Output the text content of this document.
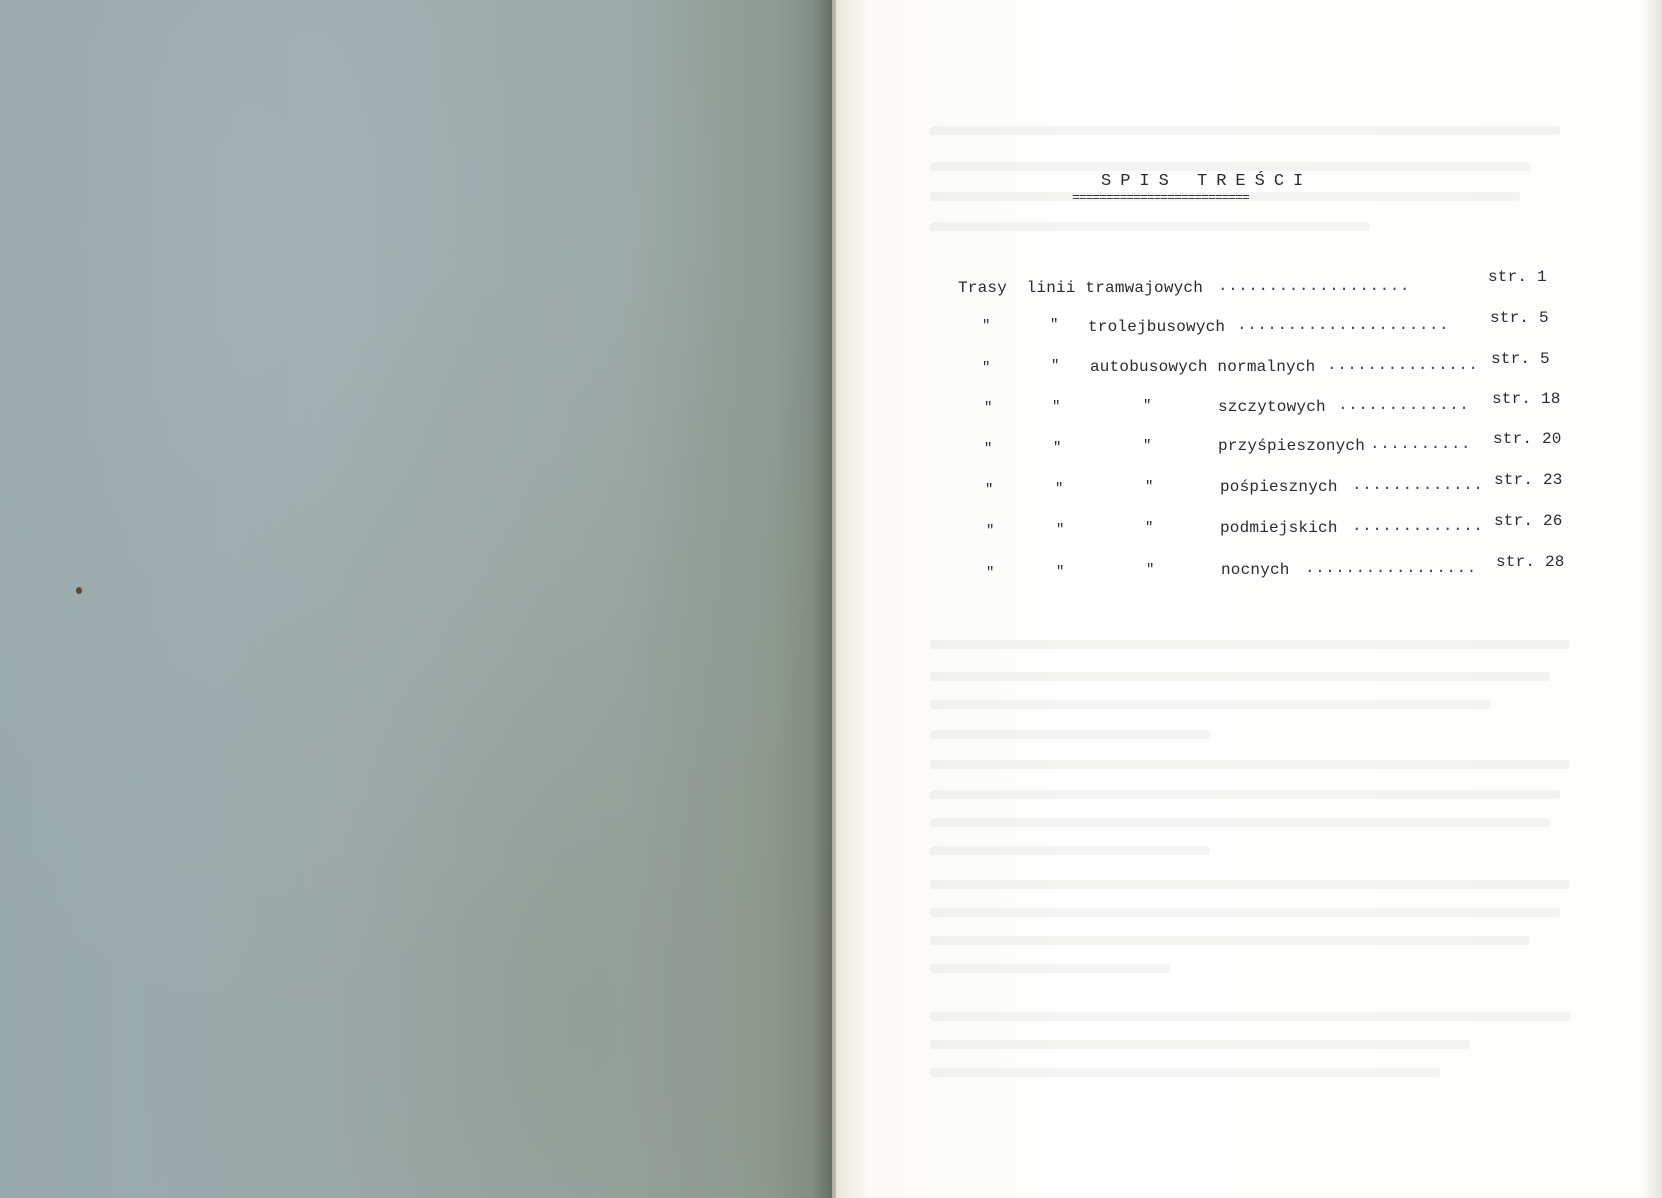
SPIS TREŚCI
==========================
Trasy  linii tramwajowych ...................	str. 1
"	" trolejbusowych .....................	str. 5
"	" autobusowych normalnych ............... str. 5
"	"	"	szczytowych ............. str. 18
"	"	"	przyśpieszonych .......... str. 20
"	"	"	pośpiesznych ............. str. 23
"	"	"	podmiejskich ............. str. 26
"	"	"	nocnych ................. str. 28
